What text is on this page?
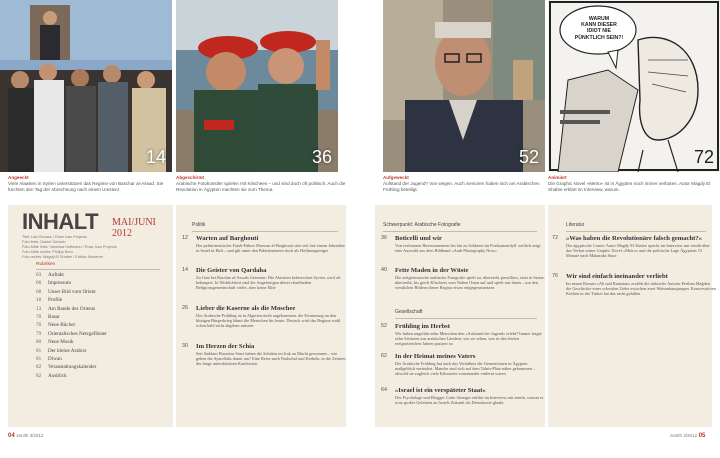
14	36	52
WARUM
KANN DIESER
IDIOT NIE
PÜNKTLICH SEIN?!
72
Angeeckt
Viele Alawiten in Syrien unterstützen das Regime von Baschar al-Assad. Sie fürchten den Tag der Abrechnung nach einem Umsturz.
Abgeschirmt
Arabische Fotokünstler spielen mit Klischees – und sind doch oft politisch. Auch die Revolution in Ägypten machten sie zum Thema.
Aufgeweckt
Aufstand der Jugend? Von wegen. Auch Senioren haben sich am Arabischen Frühling beteiligt.
Animiert
Die Graphic Novel »Metro« ist in Ägypten noch immer verboten. Autor Magdy El Shafee erklärt im Interview, warum.
INHALT MAI/JUNI 2012
Titel: Lalo Escaso / Rose Ivan Projects
Foto links: Daniel Gerlach
Foto Mitte links: Vanessa Hoffmann / Rose Ivan Projects
Foto Mitte rechts: Philipp Breu
Foto rechts: Magdy El Shafee / Edition Moderne
Rubriken
03 Auftakt
06 Impressum
08 Unser Bild vom Orient
10 Profile
13 Am Rande des Orients
70 Basar
76 Neue Bücher
79 Orientalisches Netzgeflüster
80 Neue Musik
81 Der kleine Arabist
81 Diwan
82 Veranstaltungskalender
82 Ausblick
Politik
12 Warten auf Barghouti
Der palästinensische Fatah-Führer Marwan al-Barghouti sitzt seit fast einem Jahrzehnt in Israel in Haft – und gilt unter den Palästinensern doch als Hoffnungsträger
14 Die Geister von Qardaha
Zu Gast bei Baschar al-Assads Getreuen: Die Alawiten beherrschen Syrien, wird oft behauptet. In Wirklichkeit sind die Angehörigen dieser rätselhaften Religionsgemeinschaft vieles, aber keine Elite
26 Lieber die Kaserne als die Moschee
Der Arabische Frühling ist in Algerien nicht angekommen, die Erinnerung an den blutigen Bürgerkrieg lähmt die Menschen bis heute. Deutsch wird das Regime wohl schon bald nicht abgeben müssen
30 Im Herzen der Schia
Seit Saddam Husseins Sturz haben die Schiiten im Irak an Macht gewonnen – wie gehen die Ayatollahs damit um? Eine Reise nach Nadschaf und Kerbela, in die Zentren der lange unterdrückten Konfession
Schwerpunkt: Arabische Fotografie
36 Boticelli und wir
Von verlorenen Havemomenten bis hin zu Soldaten im Postkartenidyll: zeitlich zeigt eine Auswahl aus dem Bildband »Arab Photography Now«
40 Fette Maden in der Wüste
Die zeitgenössische arabische Fotografie spielt zu, überzieht, persifliert, setzt in Szene, übertreibt, bis greift Klischees vom Nahen Osten auf und spielt mit ihnen – um den westlichen Bildern dieser Region etwas entgegenzusetzen
Gesellschaft
52 Frühling im Herbst
Wir haben ungefähr zehn Menschen den »Aufstand der Jugend« erlebt? Immer fragte zehn Senioren aus arabischen Ländern, wie sie sehen, was in den letzten ereignisreichen Jahren passiert ist
62 In der Heimat meines Vaters
Der Arabische Frühling hat auch das Verhältnis der Generationen in Ägypten maßgeblich verändert. Manche sind sich auf dem Tahrir-Platz näher gekommen – obwohl sie zugleich viele Kilometer voneinander entfernt waren
64 »Israel ist ein verspäteter Staat«
Der Psychologe und Blogger Carlo Strenger erklärt im Interview mit zenith, warum er trotz großer Gefahren an Israels Zukunft als Demokratie glaubt
Literatur
72 »Was haben die Revolutionäre falsch gemacht?«
Der ägyptische Comic-Autor Magdy El Shafee spricht im Interview mit zenith über das Verbot seiner Graphic Novel »Metro« und die politische Lage Ägyptens 15 Monate nach Mubaraks Sturz
76 Wir sind einfach ineinander verliebt
Im neuen Roman »Ali und Ramatan« erzählt die türkische Autorin Perihan Mağden die Geschichte einer schwulen Liebe zwischen zwei Waisenhausjungen. Konservativen Kräften in der Türkei hat das nicht gefallen
04 zenith 3/2012	zenith 3/2012 05
